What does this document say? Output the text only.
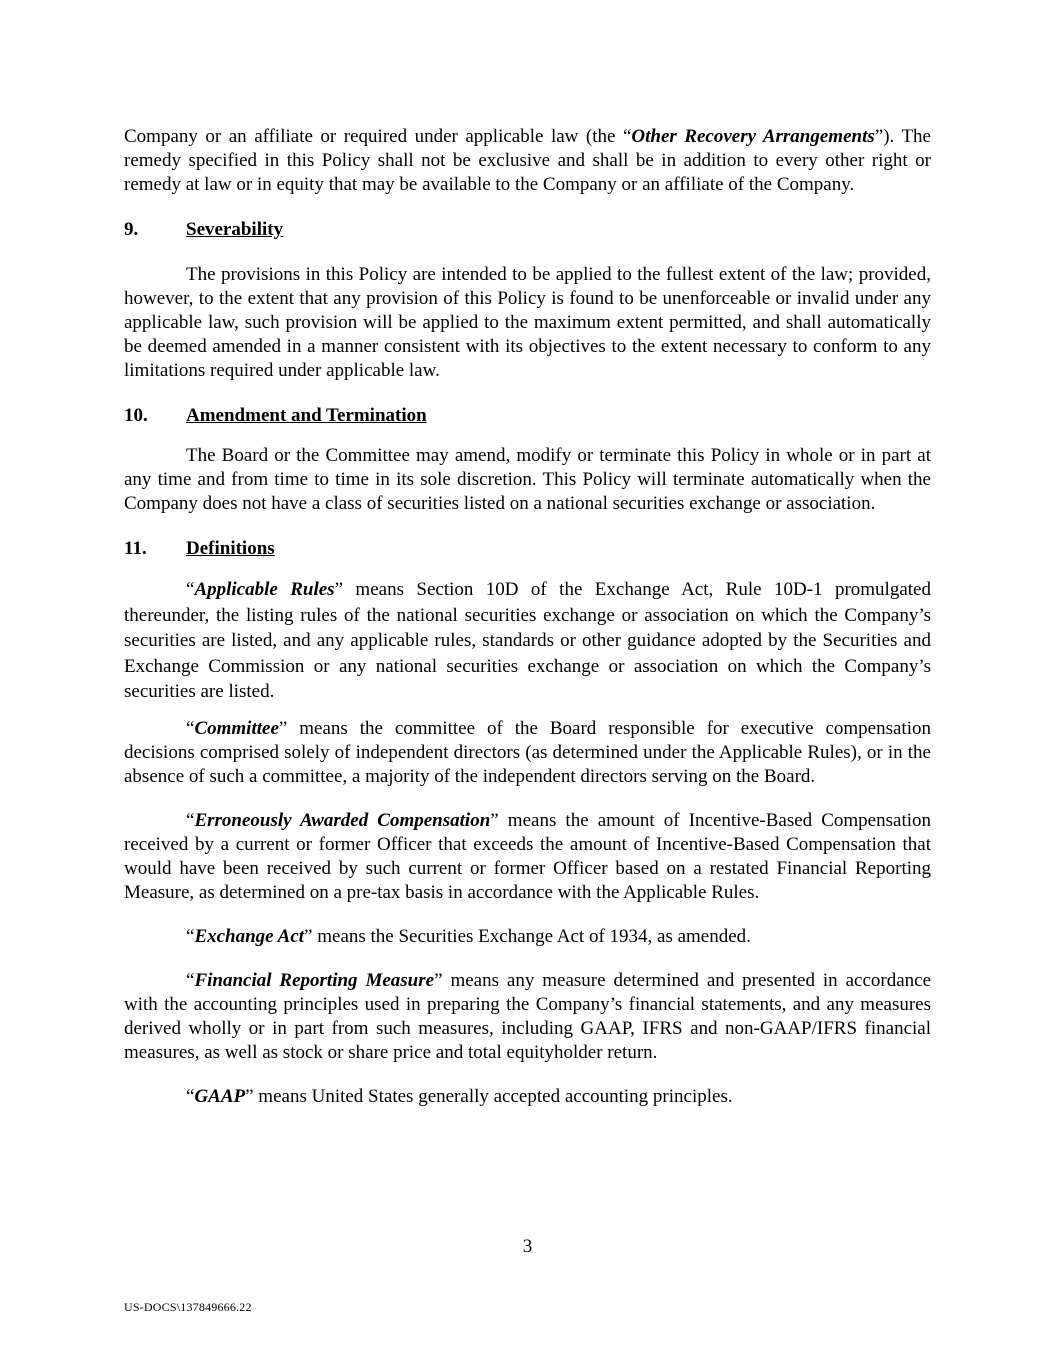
Company or an affiliate or required under applicable law (the “Other Recovery Arrangements”). The remedy specified in this Policy shall not be exclusive and shall be in addition to every other right or remedy at law or in equity that may be available to the Company or an affiliate of the Company.

9.	Severability

The provisions in this Policy are intended to be applied to the fullest extent of the law; provided, however, to the extent that any provision of this Policy is found to be unenforceable or invalid under any applicable law, such provision will be applied to the maximum extent permitted, and shall automatically be deemed amended in a manner consistent with its objectives to the extent necessary to conform to any limitations required under applicable law.

10.	Amendment and Termination

The Board or the Committee may amend, modify or terminate this Policy in whole or in part at any time and from time to time in its sole discretion. This Policy will terminate automatically when the Company does not have a class of securities listed on a national securities exchange or association.

11.	Definitions

“Applicable Rules” means Section 10D of the Exchange Act, Rule 10D-1 promulgated thereunder, the listing rules of the national securities exchange or association on which the Company’s securities are listed, and any applicable rules, standards or other guidance adopted by the Securities and Exchange Commission or any national securities exchange or association on which the Company’s securities are listed.

“Committee” means the committee of the Board responsible for executive compensation decisions comprised solely of independent directors (as determined under the Applicable Rules), or in the absence of such a committee, a majority of the independent directors serving on the Board.

“Erroneously Awarded Compensation” means the amount of Incentive-Based Compensation received by a current or former Officer that exceeds the amount of Incentive-Based Compensation that would have been received by such current or former Officer based on a restated Financial Reporting Measure, as determined on a pre-tax basis in accordance with the Applicable Rules.

“Exchange Act” means the Securities Exchange Act of 1934, as amended.

“Financial Reporting Measure” means any measure determined and presented in accordance with the accounting principles used in preparing the Company’s financial statements, and any measures derived wholly or in part from such measures, including GAAP, IFRS and non-GAAP/IFRS financial measures, as well as stock or share price and total equityholder return.

“GAAP” means United States generally accepted accounting principles.

3
US-DOCS\137849666.22
